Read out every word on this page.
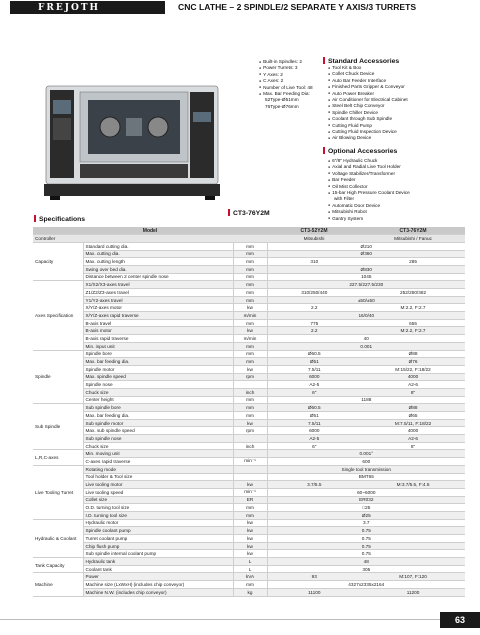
FREJOTH	CNC LATHE – 2 SPINDLE/2 SEPARATE Y AXIS/3 TURRETS
● Built-in Spindles: 2
● Power Turrets: 3
● Y Axes: 2
● C Axes: 2
● Number of Live Tool: 48
● Max. Bar Feeding Dia:
52Type-Ø51mm
76Type-Ø76mm
Standard Accessories
● Tool Kit & Box
● Collet Chuck Device
● Auto Bar Feeder Interface
● Finished Parts Gripper & Conveyor
● Auto Power Breaker
● Air Conditioner for Electrical Cabinet
● Steel Belt Chip Conveyor
● Spindle Chiller Device
● Coolant through Sub Spindle
● Cutting Fluid Pump
● Cutting Fluid Inspection Device
● Air Blowing Device
Optional Accessories
● 6"/8" Hydraulic Chuck
● Axial and Radial Live Tool Holder
● Voltage Stabilizer/Transformer
● Bar Feeder
● Oil Mist Collector
● 15-bar High Pressure Coolant Device
with Filter
● Automatic Door Device
● Mitsubishi Robot
● Gantry System
Specifications
CT3-76Y2M
Model			CT3-52Y2M	CT3-76Y2M
Controller			Mitsubishi	Mitsubishi / Fanuc
Capacity	Standard cutting dia.	mm	Ø210	
	Max. cutting dia.	mm	Ø360	
	Max. cutting length	mm	310	285
	Swing over bed dia.	mm	Ø830	
	Distance between 2 center spindle nose	mm	1045	
Axes Specification	X1/X2/X3-axes travel	mm	227.5/227.5/230	
	Z1/Z2/Z3-axes travel	mm	310/250/440	252/250/382
	Y1/Y2-axes travel	mm	±50/±50	
	X/Y/Z-axes motor	kw	2.2	M:2.2, F:2.7
	X/Y/Z-axes rapid traverse	m/min	16/0/40	
	B-axis travel	mm	775	655
	B-axis motor	kw	2.2	M:2.2, F:2.7
	B-axis rapid traverse	m/min	40	
	Min. input unit	mm	0.001	
Spindle	Spindle bore	mm	Ø60.5	Ø88
	Max. bar feeding dia.	mm	Ø51	Ø76
	Spindle motor	kw	7.5/11	M:15/22, F:18/22
	Max. spindle speed	rpm	6000	4000
	Spindle nose		A2-5	A2-6
	Chuck size	inch	6"	8"
	Center height	mm	1188	
Sub Spindle	Sub spindle bore	mm	Ø60.5	Ø88
	Max. bar feeding dia.	mm	Ø51	Ø65
	Sub spindle motor	kw	7.5/11	M:7.5/11, F:18/22
	Max. sub spindle speed	rpm	6000	4000
	Sub spindle nose		A2-5	A2-6
	Chuck size	inch	6"	8"
L,R,C-axes	Min. moving unit		0.001°	
	C-axes rapid traverse	min⁻¹	600	
Live Tooling Turret	Rotating mode		Single tool transmission	
	Tool holder & Tool size		BMT65	
	Live tooling motor	kw	3.7/5.5	M:3.7/5.5, F:4.5
	Live tooling speed	min⁻¹	60~6000	
	Collet size	ER	ER032	
	O.D. turning tool size	mm	□25	
	I.D. turning tool size	mm	Ø25	
Hydraulic & Coolant	Hydraulic motor	kw	3.7	
	Spindle coolant pump	kw	0.75	
	Turret coolant pump	kw	0.75	
	Chip flush pump	kw	0.75	
	Sub spindle internal coolant pump	kw	0.75	
Tank Capacity	Hydraulic tank	L	48	
	Coolant tank	L	305	
Machine	Power	kVA	93	M:107, F:120
	Machine size (LxWxH) (includes chip conveyor)	mm	4327x2335x2164	
	Machine N.W. (includes chip conveyor)	kg	11100	11200
63
